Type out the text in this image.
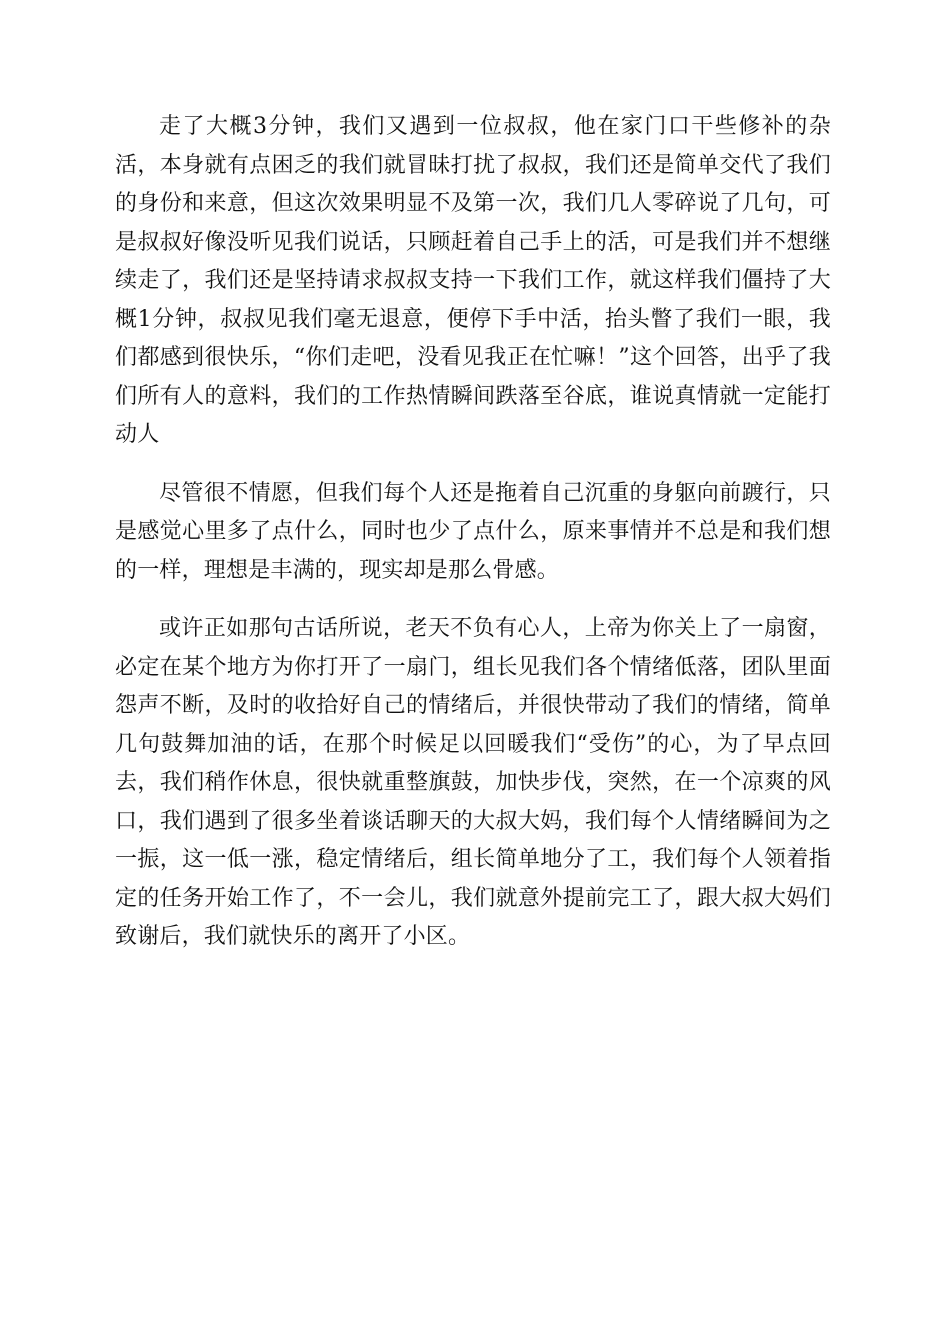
走了大概3分钟，我们又遇到一位叔叔，他在家门口干些修补的杂活，本身就有点困乏的我们就冒昧打扰了叔叔，我们还是简单交代了我们的身份和来意，但这次效果明显不及第一次，我们几人零碎说了几句，可是叔叔好像没听见我们说话，只顾赶着自己手上的活，可是我们并不想继续走了，我们还是坚持请求叔叔支持一下我们工作，就这样我们僵持了大概1分钟，叔叔见我们毫无退意，便停下手中活，抬头瞥了我们一眼，我们都感到很快乐，“你们走吧，没看见我正在忙嘛！”这个回答，出乎了我们所有人的意料，我们的工作热情瞬间跌落至谷底，谁说真情就一定能打动人

尽管很不情愿，但我们每个人还是拖着自己沉重的身躯向前踱行，只是感觉心里多了点什么，同时也少了点什么，原来事情并不总是和我们想的一样，理想是丰满的，现实却是那么骨感。

或许正如那句古话所说，老天不负有心人，上帝为你关上了一扇窗，必定在某个地方为你打开了一扇门，组长见我们各个情绪低落，团队里面怨声不断，及时的收拾好自己的情绪后，并很快带动了我们的情绪，简单几句鼓舞加油的话，在那个时候足以回暖我们“受伤”的心，为了早点回去，我们稍作休息，很快就重整旗鼓，加快步伐，突然，在一个凉爽的风口，我们遇到了很多坐着谈话聊天的大叔大妈，我们每个人情绪瞬间为之一振，这一低一涨，稳定情绪后，组长简单地分了工，我们每个人领着指定的任务开始工作了，不一会儿，我们就意外提前完工了，跟大叔大妈们致谢后，我们就快乐的离开了小区。
